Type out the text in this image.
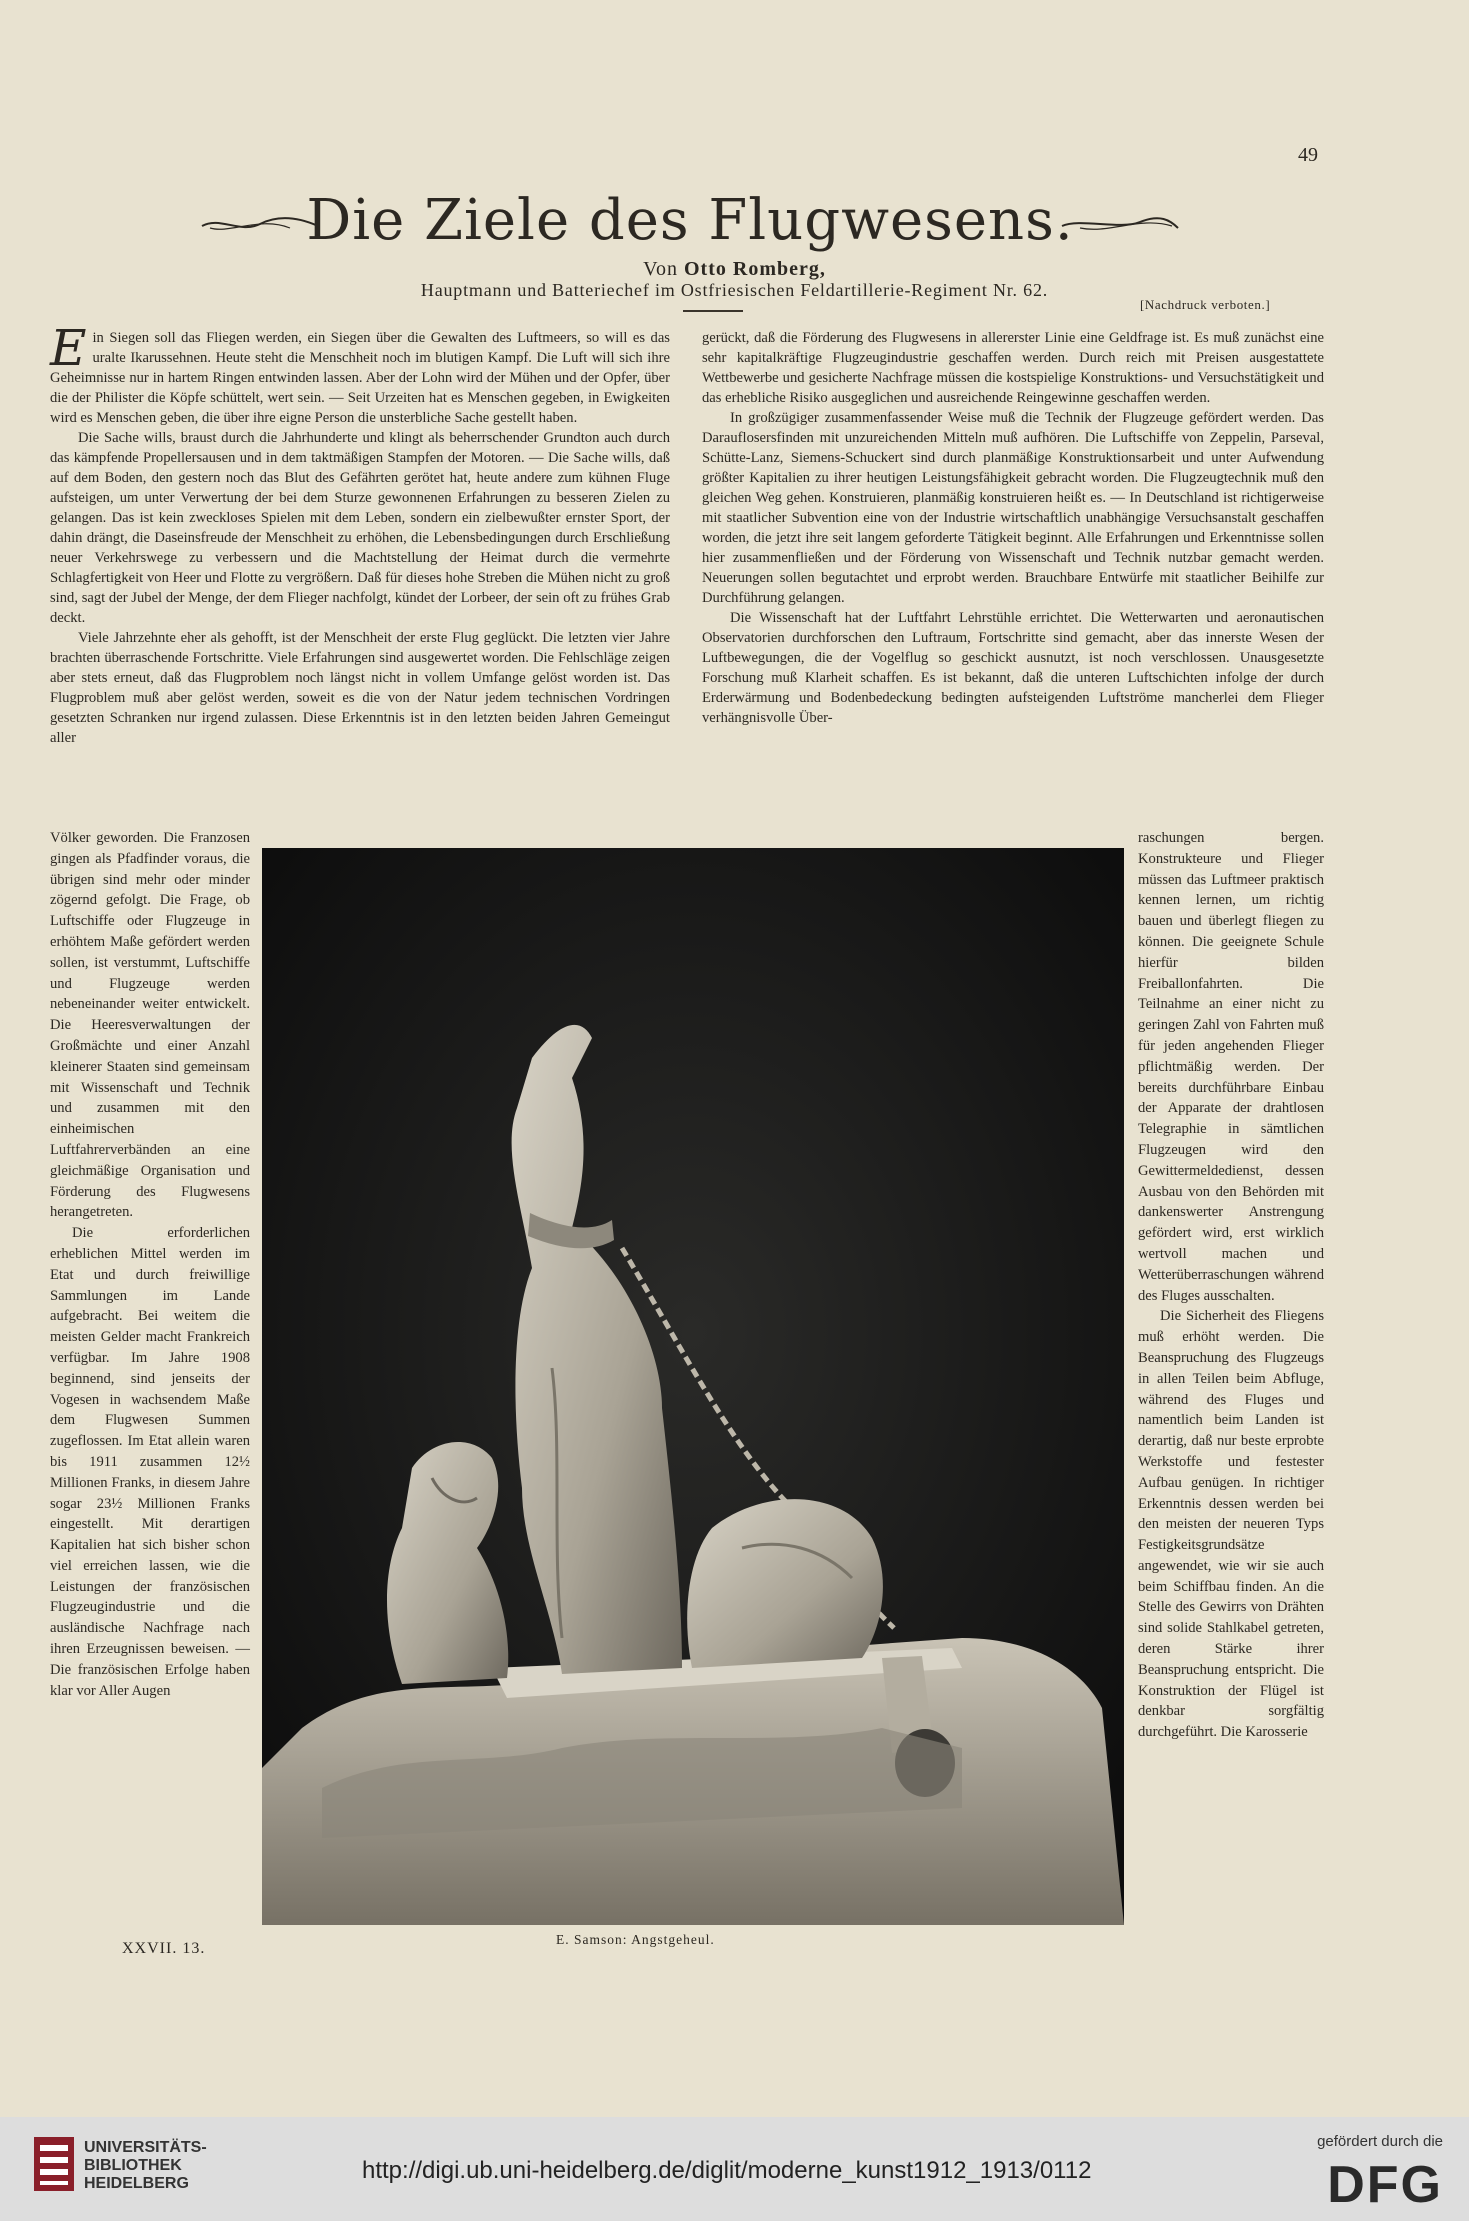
49
Die Ziele des Flugwesens.
Von Otto Romberg,
Hauptmann und Batteriechef im Ostfriesischen Feldartillerie-Regiment Nr. 62.
[Nachdruck verboten.]

Ein Siegen soll das Fliegen werden, ein Siegen über die Gewalten des Luftmeers, so will es das uralte Ikarussehnen. Heute steht die Menschheit noch im blutigen Kampf. Die Luft will sich ihre Geheimnisse nur in hartem Ringen entwinden lassen. Aber der Lohn wird der Mühen und der Opfer, über die der Philister die Köpfe schüttelt, wert sein. — Seit Urzeiten hat es Menschen gegeben, in Ewigkeiten wird es Menschen geben, die über ihre eigne Person die unsterbliche Sache gestellt haben.

Die Sache wills, braust durch die Jahrhunderte und klingt als beherrschender Grundton auch durch das kämpfende Propellersausen und in dem taktmäßigen Stampfen der Motoren. — Die Sache wills, daß auf dem Boden, den gestern noch das Blut des Gefährten gerötet hat, heute andere zum kühnen Fluge aufsteigen, um unter Verwertung der bei dem Sturze gewonnenen Erfahrungen zu besseren Zielen zu gelangen. Das ist kein zweckloses Spielen mit dem Leben, sondern ein zielbewußter ernster Sport, der dahin drängt, die Daseinsfreude der Menschheit zu erhöhen, die Lebensbedingungen durch Erschließung neuer Verkehrswege zu verbessern und die Machtstellung der Heimat durch die vermehrte Schlagfertigkeit von Heer und Flotte zu vergrößern. Daß für dieses hohe Streben die Mühen nicht zu groß sind, sagt der Jubel der Menge, der dem Flieger nachfolgt, kündet der Lorbeer, der sein oft zu frühes Grab deckt.

Viele Jahrzehnte eher als gehofft, ist der Menschheit der erste Flug geglückt. Die letzten vier Jahre brachten überraschende Fortschritte. Viele Erfahrungen sind ausgewertet worden. Die Fehlschläge zeigen aber stets erneut, daß das Flugproblem noch längst nicht in vollem Umfange gelöst worden ist. Das Flugproblem muß aber gelöst werden, soweit es die von der Natur jedem technischen Vordringen gesetzten Schranken nur irgend zulassen. Diese Erkenntnis ist in den letzten beiden Jahren Gemeingut aller

gerückt, daß die Förderung des Flugwesens in allererster Linie eine Geldfrage ist. Es muß zunächst eine sehr kapitalkräftige Flugzeugindustrie geschaffen werden. Durch reich mit Preisen ausgestattete Wettbewerbe und gesicherte Nachfrage müssen die kostspielige Konstruktions- und Versuchstätigkeit und das erhebliche Risiko ausgeglichen und ausreichende Reingewinne geschaffen werden.

In großzügiger zusammenfassender Weise muß die Technik der Flugzeuge gefördert werden. Das Darauflosersfinden mit unzureichenden Mitteln muß aufhören. Die Luftschiffe von Zeppelin, Parseval, Schütte-Lanz, Siemens-Schuckert sind durch planmäßige Konstruktionsarbeit und unter Aufwendung größter Kapitalien zu ihrer heutigen Leistungsfähigkeit gebracht worden. Die Flugzeugtechnik muß den gleichen Weg gehen. Konstruieren, planmäßig konstruieren heißt es. — In Deutschland ist richtigerweise mit staatlicher Subvention eine von der Industrie wirtschaftlich unabhängige Versuchsanstalt geschaffen worden, die jetzt ihre seit langem geforderte Tätigkeit beginnt. Alle Erfahrungen und Erkenntnisse sollen hier zusammenfließen und der Förderung von Wissenschaft und Technik nutzbar gemacht werden. Neuerungen sollen begutachtet und erprobt werden. Brauchbare Entwürfe mit staatlicher Beihilfe zur Durchführung gelangen.

Die Wissenschaft hat der Luftfahrt Lehrstühle errichtet. Die Wetterwarten und aeronautischen Observatorien durchforschen den Luftraum, Fortschritte sind gemacht, aber das innerste Wesen der Luftbewegungen, die der Vogelflug so geschickt ausnutzt, ist noch verschlossen. Unausgesetzte Forschung muß Klarheit schaffen. Es ist bekannt, daß die unteren Luftschichten infolge der durch Erderwärmung und Bodenbedeckung bedingten aufsteigenden Luftströme mancherlei dem Flieger verhängnisvolle Über-

Völker geworden. Die Franzosen gingen als Pfadfinder voraus, die übrigen sind mehr oder minder zögernd gefolgt. Die Frage, ob Luftschiffe oder Flugzeuge in erhöhtem Maße gefördert werden sollen, ist verstummt, Luftschiffe und Flugzeuge werden nebeneinander weiter entwickelt. Die Heeresverwaltungen der Großmächte und einer Anzahl kleinerer Staaten sind gemeinsam mit Wissenschaft und Technik und zusammen mit den einheimischen Luftfahrerverbänden an eine gleichmäßige Organisation und Förderung des Flugwesens herangetreten.

Die erforderlichen erheblichen Mittel werden im Etat und durch freiwillige Sammlungen im Lande aufgebracht. Bei weitem die meisten Gelder macht Frankreich verfügbar. Im Jahre 1908 beginnend, sind jenseits der Vogesen in wachsendem Maße dem Flugwesen Summen zugeflossen. Im Etat allein waren bis 1911 zusammen 12½ Millionen Franks, in diesem Jahre sogar 23½ Millionen Franks eingestellt. Mit derartigen Kapitalien hat sich bisher schon viel erreichen lassen, wie die Leistungen der französischen Flugzeugindustrie und die ausländische Nachfrage nach ihren Erzeugnissen beweisen. — Die französischen Erfolge haben klar vor Aller Augen

raschungen bergen. Konstrukteure und Flieger müssen das Luftmeer praktisch kennen lernen, um richtig bauen und überlegt fliegen zu können. Die geeignete Schule hierfür bilden Freiballonfahrten. Die Teilnahme an einer nicht zu geringen Zahl von Fahrten muß für jeden angehenden Flieger pflichtmäßig werden. Der bereits durchführbare Einbau der Apparate der drahtlosen Telegraphie in sämtlichen Flugzeugen wird den Gewittermeldedienst, dessen Ausbau von den Behörden mit dankenswerter Anstrengung gefördert wird, erst wirklich wertvoll machen und Wetterüberraschungen während des Fluges ausschalten.

Die Sicherheit des Fliegens muß erhöht werden. Die Beanspruchung des Flugzeugs in allen Teilen beim Abfluge, während des Fluges und namentlich beim Landen ist derartig, daß nur beste erprobte Werkstoffe und festester Aufbau genügen. In richtiger Erkenntnis dessen werden bei den meisten der neueren Typs Festigkeitsgrundsätze angewendet, wie wir sie auch beim Schiffbau finden. An die Stelle des Gewirrs von Drähten sind solide Stahlkabel getreten, deren Stärke ihrer Beanspruchung entspricht. Die Konstruktion der Flügel ist denkbar sorgfältig durchgeführt. Die Karosserie

XXVII. 13.
E. Samson: Angstgeheul.
UNIVERSITÄTS-
BIBLIOTHEK
HEIDELBERG	http://digi.ub.uni-heidelberg.de/diglit/moderne_kunst1912_1913/0112
gefördert durch die
DFG
